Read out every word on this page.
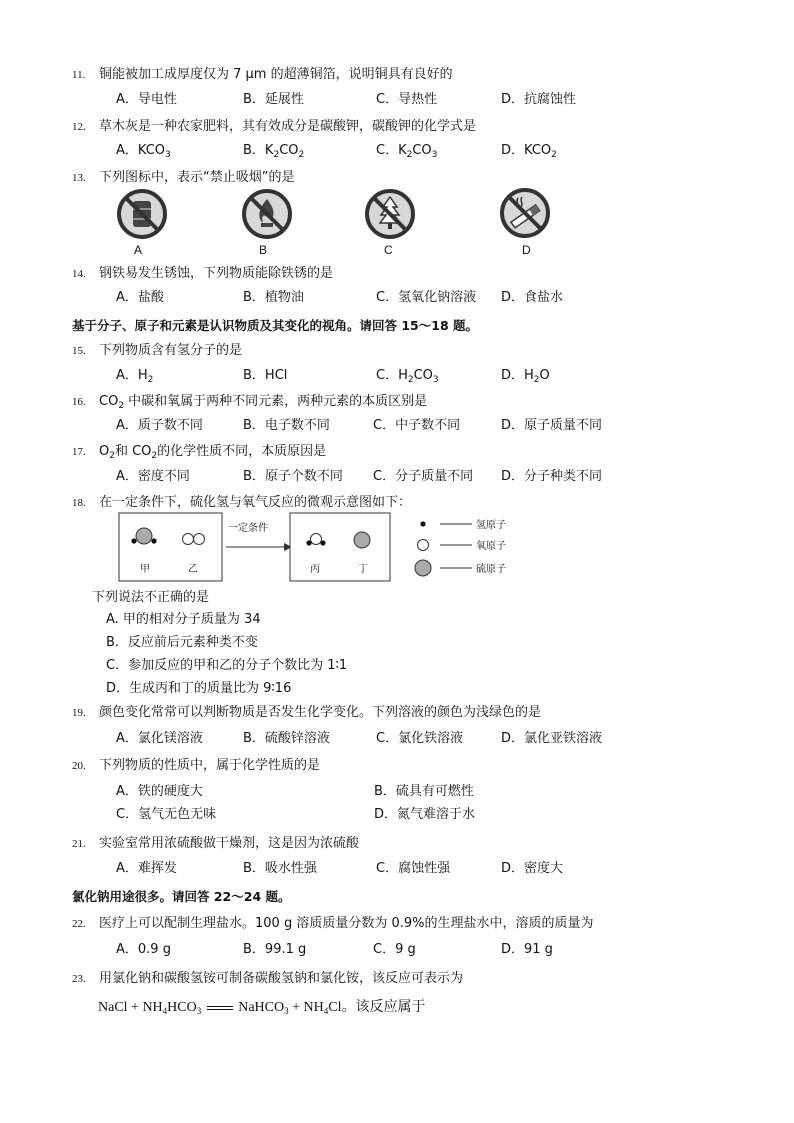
11. 铜能被加工成厚度仅为 7 μm 的超薄铜箔，说明铜具有良好的
A．导电性	B．延展性	C．导热性	D．抗腐蚀性
12. 草木灰是一种农家肥料，其有效成分是碳酸钾，碳酸钾的化学式是
A．$KCO_3$	B．$K_2CO_2$	C．$K_2CO_3$	D．$KCO_2$
13. 下列图标中，表示“禁止吸烟”的是
A	B	C	D
14. 钢铁易发生锈蚀，下列物质能除铁锈的是
A．盐酸	B．植物油	C．氢氧化钠溶液 D．食盐水
基于分子、原子和元素是认识物质及其变化的视角。请回答 15～18 题。
15. 下列物质含有氢分子的是
A．$H_2$	B．HCl	C．$H_2CO_3$	D．$H_2O$
16. $CO_2$ 中碳和氧属于两种不同元素，两种元素的本质区别是
A．质子数不同	B．电子数不同	C．中子数不同	D．原子质量不同
17. $O_2$和 $CO_2$的化学性质不同，本质原因是
A．密度不同	B．原子个数不同 C．分子质量不同 D．分子种类不同
18. 在一定条件下，硫化氢与氧气反应的微观示意图如下：
甲	乙
一定条件
丙	丁
氢原子
氧原子
硫原子
下列说法不正确的是
A. 甲的相对分子质量为 34
B．反应前后元素种类不变
C．参加反应的甲和乙的分子个数比为 1∶1
D．生成丙和丁的质量比为 9∶16
19. 颜色变化常常可以判断物质是否发生化学变化。下列溶液的颜色为浅绿色的是
A．氯化镁溶液	B．硫酸锌溶液	C．氯化铁溶液	D．氯化亚铁溶液
20. 下列物质的性质中，属于化学性质的是
A．铁的硬度大	B．硫具有可燃性
C．氢气无色无味	D．氮气难溶于水
21. 实验室常用浓硫酸做干燥剂，这是因为浓硫酸
A．难挥发	B．吸水性强	C．腐蚀性强	D．密度大
氯化钠用途很多。请回答 22～24 题。
22. 医疗上可以配制生理盐水。100 g 溶质质量分数为 0.9%的生理盐水中，溶质的质量为
A．0.9 g	B．99.1 g	C．9 g	D．91 g
23. 用氯化钠和碳酸氢铵可制备碳酸氢钠和氯化铵，该反应可表示为
NaCl + $NH_4HCO_3$	NaHCO$_3$ + $NH_4Cl$。该反应属于
